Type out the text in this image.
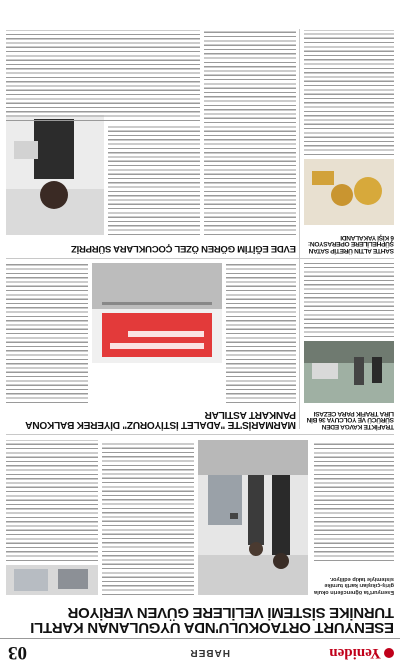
Yeniden
HABER
03
ESENYURT ORTAOKULU'NDA UYGULANAN KARTLI TURNİKE SİSTEMİ VELİLERE GÜVEN VERİYOR
Esenyurt'ta öğrencilerin okula giriş-çıkışları kartlı turnike sistemiyle takip ediliyor.
TRAFİKTE KAVGA EDEN SÜRÜCÜ VE YOLCUYA 36 BİN LİRA TRAFİK PARA CEZASI
MARMARİS'TE "ADALET İSTİYORUZ" DİYEREK BALKONA PANKART ASTILAR
SAHTE ALTIN ÜRETİP SATAN ŞÜPHELİLERE OPERASYON: 6 KİŞİ YAKALANDI
EVDE EĞİTİM GÖREN ÖZEL ÇOCUKLARA SÜRPRİZ
